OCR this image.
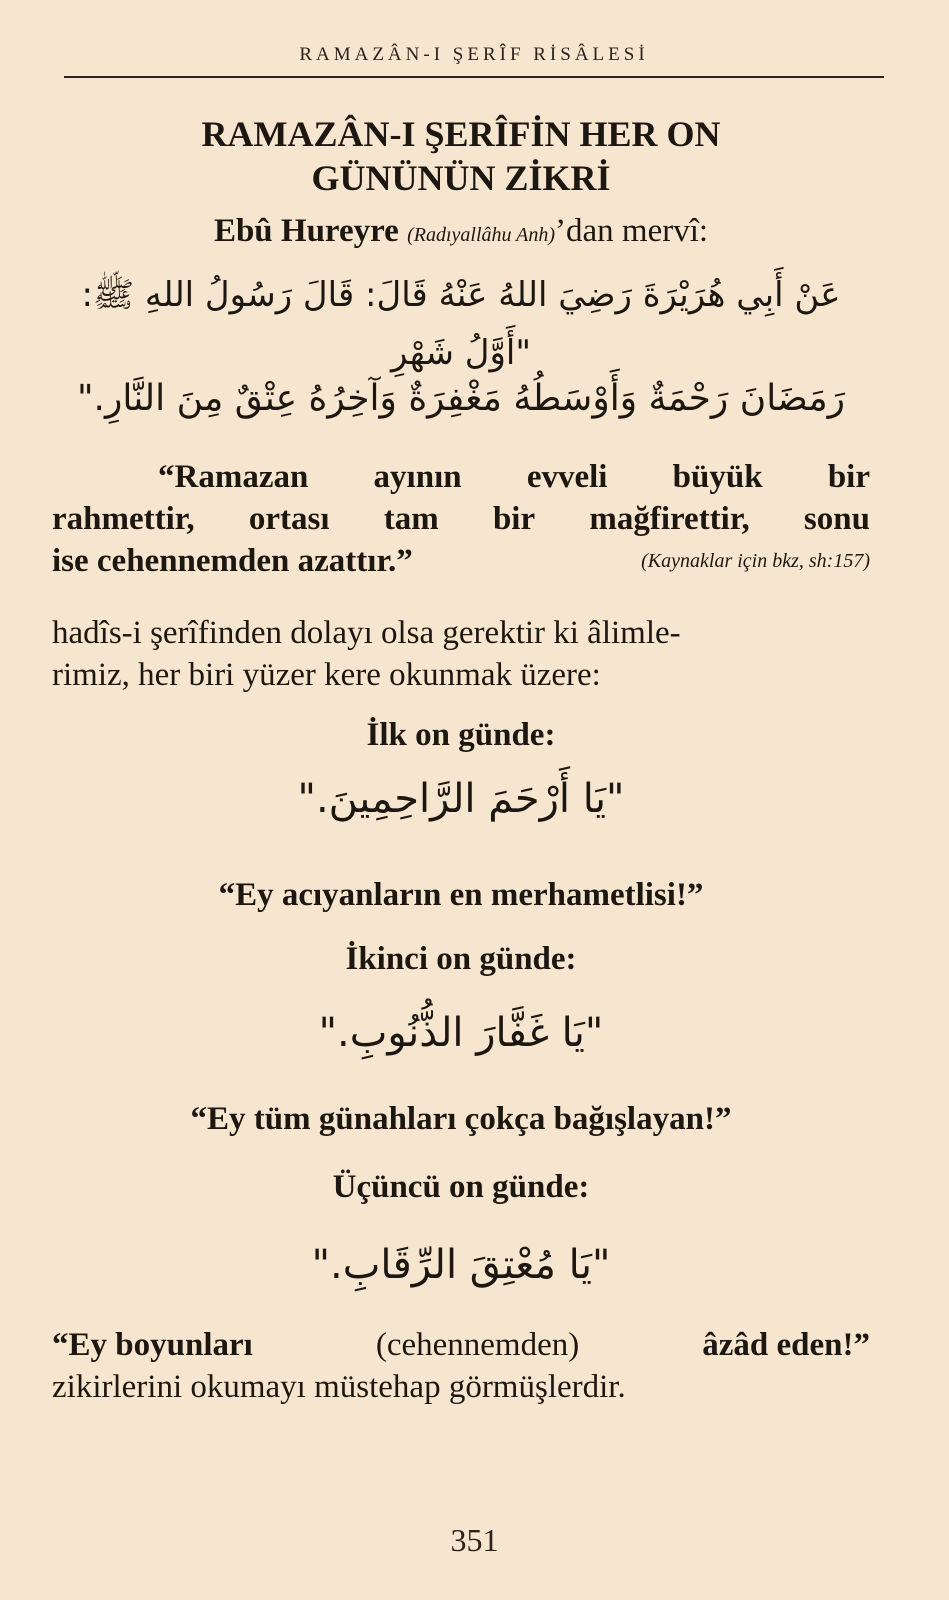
RAMAZÂN-I ŞERÎF RİSÂLESİ
RAMAZÂN-I ŞERÎFİN HER ON
GÜNÜNÜN ZİKRİ
Ebû Hureyre (Radıyallâhu Anh)’dan mervî:
عَنْ أَبِي هُرَيْرَةَ رَضِيَ اللهُ عَنْهُ قَالَ: قَالَ رَسُولُ اللهِ ﷺ: "أَوَّلُ شَهْرِ
رَمَضَانَ رَحْمَةٌ وَأَوْسَطُهُ مَغْفِرَةٌ وَآخِرُهُ عِتْقٌ مِنَ النَّارِ."
“Ramazan ayının evveli büyük bir
rahmettir, ortası tam bir mağfirettir, sonu
ise cehennemden azattır.”	(Kaynaklar için bkz, sh:157)
hadîs-i şerîfinden dolayı olsa gerektir ki âlimle-
rimiz, her biri yüzer kere okunmak üzere:
İlk on günde:
"يَا أَرْحَمَ الرَّاحِمِينَ."
“Ey acıyanların en merhametlisi!”
İkinci on günde:
"يَا غَفَّارَ الذُّنُوبِ."
“Ey tüm günahları çokça bağışlayan!”
Üçüncü on günde:
"يَا مُعْتِقَ الرِّقَابِ."
“Ey boyunları	(cehennemden)	âzâd eden!”
zikirlerini okumayı müstehap görmüşlerdir.
351
